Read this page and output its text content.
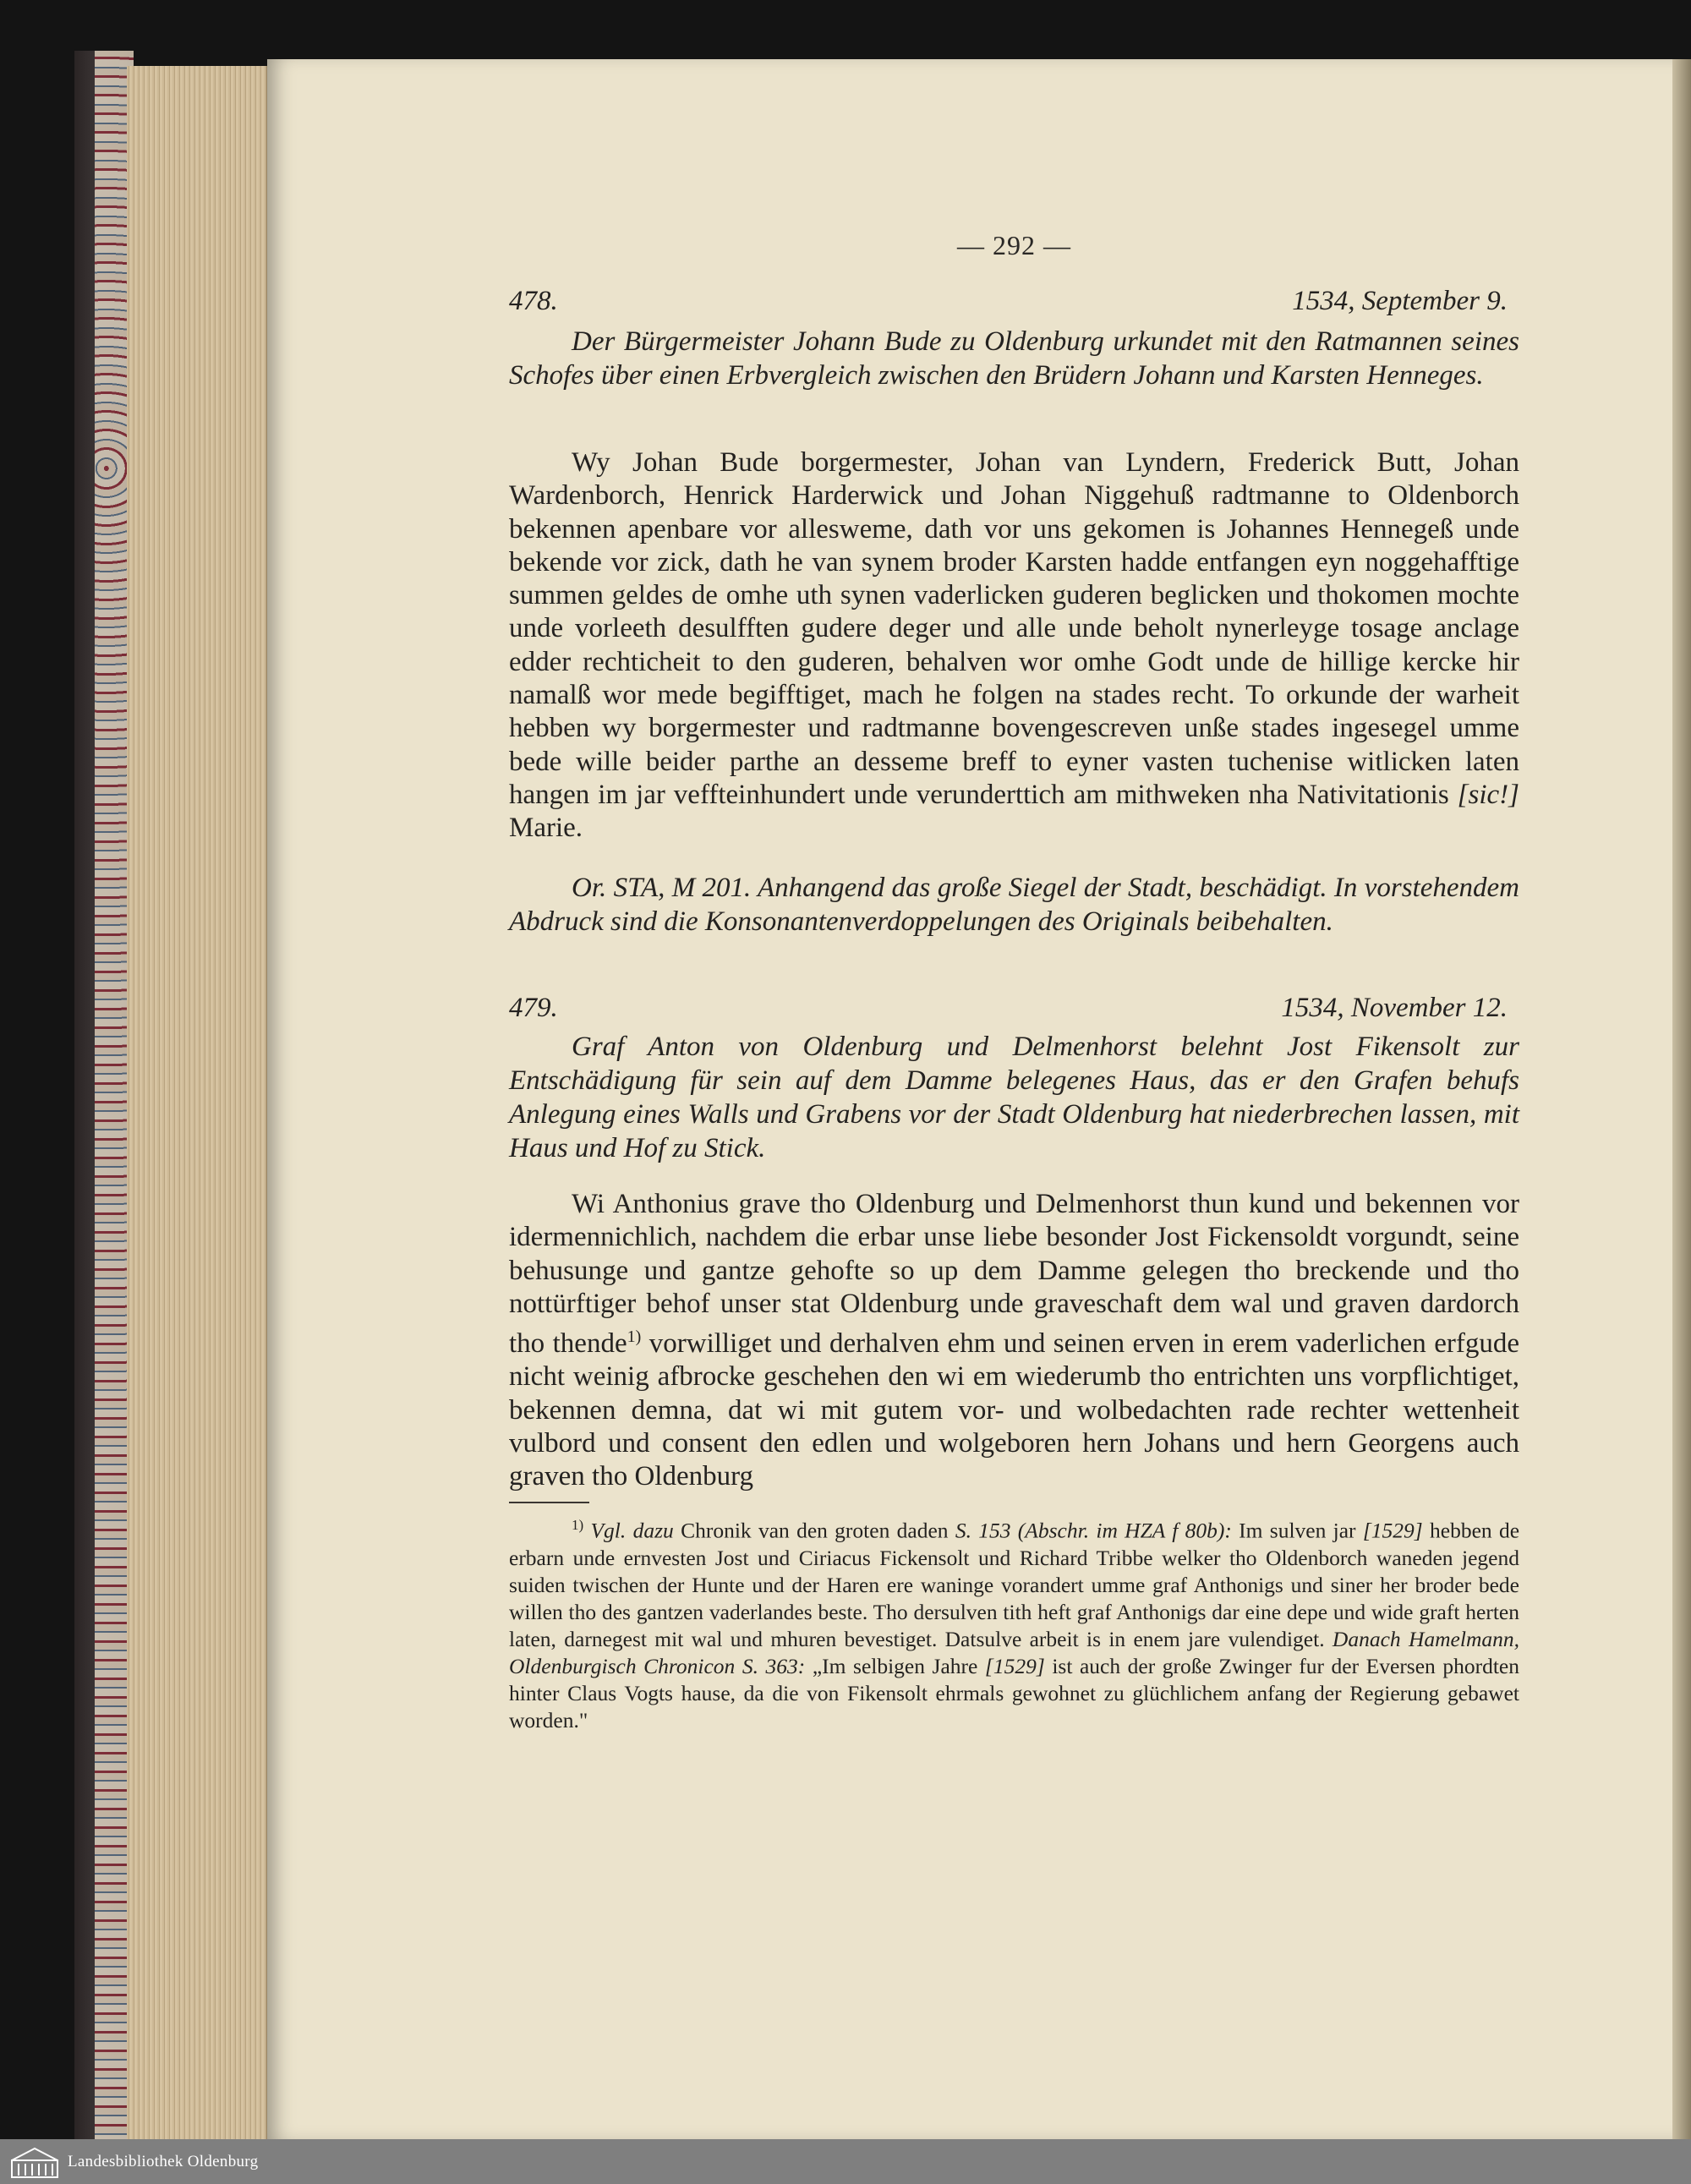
— 292 —
478.	1534, September 9.

Der Bürgermeister Johann Bude zu Oldenburg urkundet mit den Ratmannen seines Schofes über einen Erbvergleich zwischen den Brüdern Johann und Karsten Henneges.

Wy Johan Bude borgermester, Johan van Lyndern, Frederick Butt, Johan Wardenborch, Henrick Harderwick und Johan Niggehuß radtmanne to Oldenborch bekennen apenbare vor allesweme, dath vor uns gekomen is Johannes Hennegeß unde bekende vor zick, dath he van synem broder Karsten hadde entfangen eyn noggehafftige summen geldes de omhe uth synen vaderlicken guderen beglicken und thokomen mochte unde vorleeth desulfften gudere deger und alle unde beholt nynerleyge tosage anclage edder rechticheit to den guderen, behalven wor omhe Godt unde de hillige kercke hir namalß wor mede begifftiget, mach he folgen na stades recht. To orkunde der warheit hebben wy borgermester und radtmanne bovengescreven unße stades ingesegel umme bede wille beider parthe an desseme breff to eyner vasten tuchenise witlicken laten hangen im jar veffteinhundert unde verunderttich am mithweken nha Nativitationis [sic!] Marie.

Or. STA, M 201. Anhangend das große Siegel der Stadt, beschädigt. In vorstehendem Abdruck sind die Konsonantenverdoppelungen des Originals beibehalten.

479.	1534, November 12.

Graf Anton von Oldenburg und Delmenhorst belehnt Jost Fikensolt zur Entschädigung für sein auf dem Damme belegenes Haus, das er den Grafen behufs Anlegung eines Walls und Grabens vor der Stadt Oldenburg hat niederbrechen lassen, mit Haus und Hof zu Stick.

Wi Anthonius grave tho Oldenburg und Delmenhorst thun kund und bekennen vor idermennichlich, nachdem die erbar unse liebe besonder Jost Fickensoldt vorgundt, seine behusunge und gantze gehofte so up dem Damme gelegen tho breckende und tho nottürftiger behof unser stat Oldenburg unde graveschaft dem wal und graven dardorch tho thende$^{1)}$ vorwilliget und derhalven ehm und seinen erven in erem vaderlichen erfgude nicht weinig afbrocke geschehen den wi em wiederumb tho entrichten uns vorpflichtiget, bekennen demna, dat wi mit gutem vor- und wolbedachten rade rechter wettenheit vulbord und consent den edlen und wolgeboren hern Johans und hern Georgens auch graven tho Oldenburg

$^{1)}$ Vgl. dazu Chronik van den groten daden S. 153 (Abschr. im HZA f 80b): Im sulven jar [1529] hebben de erbarn unde ernvesten Jost und Ciriacus Fickensolt und Richard Tribbe welker tho Oldenborch waneden jegend suiden twischen der Hunte und der Haren ere waninge vorandert umme graf Anthonigs und siner her broder bede willen tho des gantzen vaderlandes beste. Tho dersulven tith heft graf Anthonigs dar eine depe und wide graft herten laten, darnegest mit wal und mhuren bevestiget. Datsulve arbeit is in enem jare vulendiget. Danach Hamelmann, Oldenburgisch Chronicon S. 363: „Im selbigen Jahre [1529] ist auch der große Zwinger fur der Eversen phordten hinter Claus Vogts hause, da die von Fikensolt ehrmals gewohnet zu glüchlichem anfang der Regierung gebawet worden."

Landesbibliothek Oldenburg
